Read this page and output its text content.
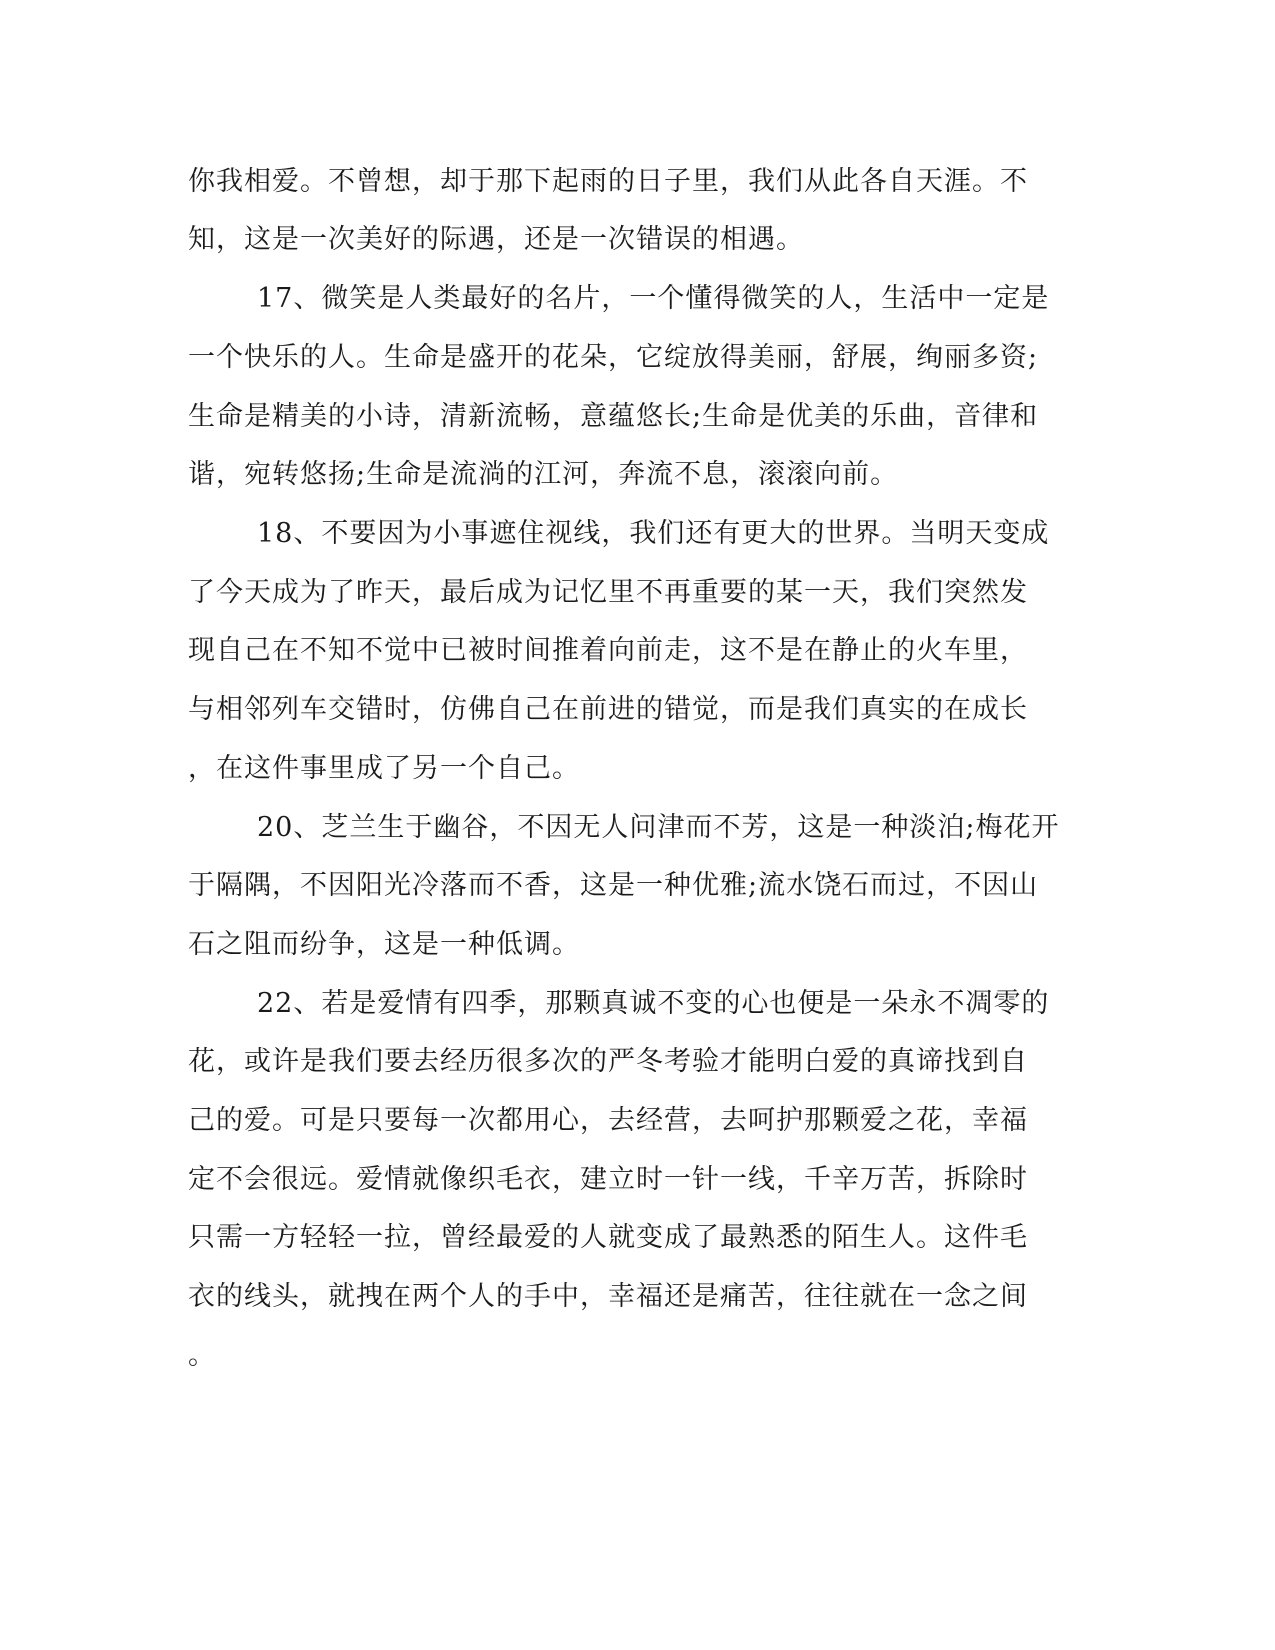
你我相爱。不曾想，却于那下起雨的日子里，我们从此各自天涯。不
知，这是一次美好的际遇，还是一次错误的相遇。
17、微笑是人类最好的名片，一个懂得微笑的人，生活中一定是
一个快乐的人。生命是盛开的花朵，它绽放得美丽，舒展，绚丽多资;
生命是精美的小诗，清新流畅，意蕴悠长;生命是优美的乐曲，音律和
谐，宛转悠扬;生命是流淌的江河，奔流不息，滚滚向前。
18、不要因为小事遮住视线，我们还有更大的世界。当明天变成
了今天成为了昨天，最后成为记忆里不再重要的某一天，我们突然发
现自己在不知不觉中已被时间推着向前走，这不是在静止的火车里，
与相邻列车交错时，仿佛自己在前进的错觉，而是我们真实的在成长
，在这件事里成了另一个自己。
20、芝兰生于幽谷，不因无人问津而不芳，这是一种淡泊;梅花开
于隔隅，不因阳光冷落而不香，这是一种优雅;流水饶石而过，不因山
石之阻而纷争，这是一种低调。
22、若是爱情有四季，那颗真诚不变的心也便是一朵永不凋零的
花，或许是我们要去经历很多次的严冬考验才能明白爱的真谛找到自
己的爱。可是只要每一次都用心，去经营，去呵护那颗爱之花，幸福
定不会很远。爱情就像织毛衣，建立时一针一线，千辛万苦，拆除时
只需一方轻轻一拉，曾经最爱的人就变成了最熟悉的陌生人。这件毛
衣的线头，就拽在两个人的手中，幸福还是痛苦，往往就在一念之间
。
